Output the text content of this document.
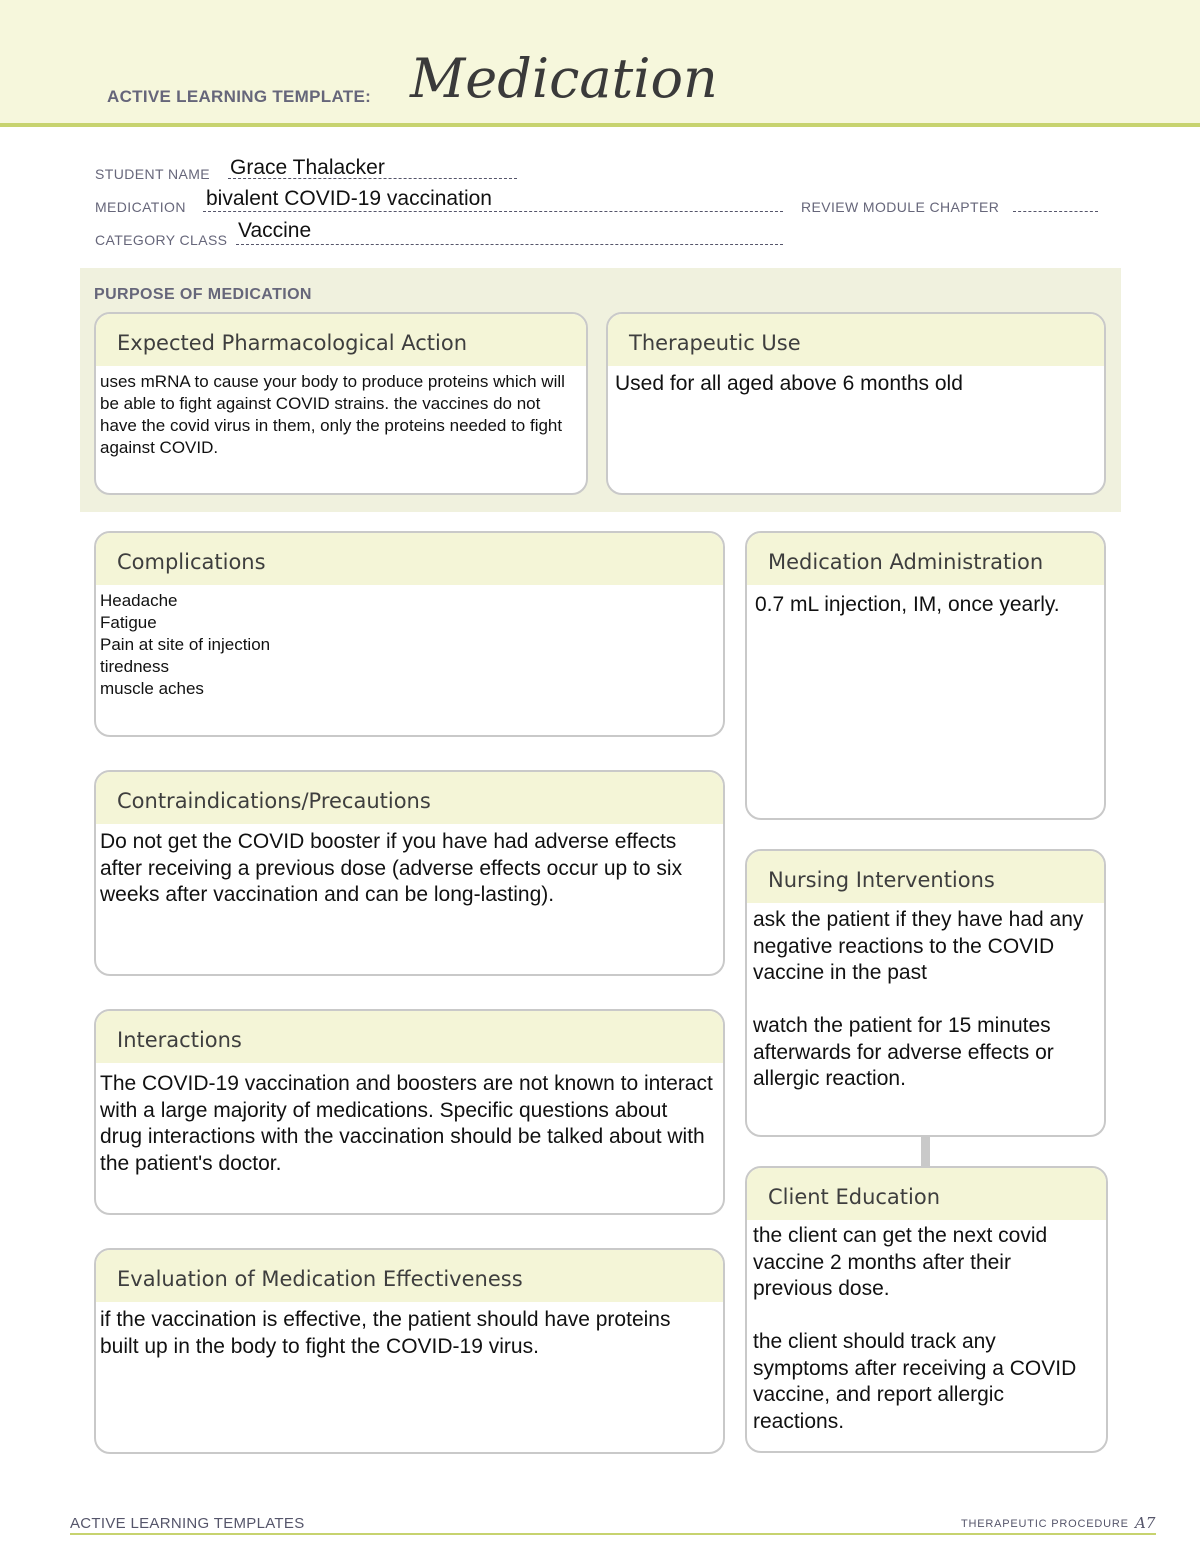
ACTIVE LEARNING TEMPLATE: Medication
STUDENT NAME Grace Thalacker
MEDICATION bivalent COVID-19 vaccination	REVIEW MODULE CHAPTER
CATEGORY CLASS Vaccine
PURPOSE OF MEDICATION
Expected Pharmacological Action
uses mRNA to cause your body to produce proteins which will be able to fight against COVID strains. the vaccines do not have the covid virus in them, only the proteins needed to fight against COVID.
Therapeutic Use
Used for all aged above 6 months old
Complications
Headache
Fatigue
Pain at site of injection
tiredness
muscle aches
Contraindications/Precautions
Do not get the COVID booster if you have had adverse effects after receiving a previous dose (adverse effects occur up to six weeks after vaccination and can be long-lasting).
Interactions
The COVID-19 vaccination and boosters are not known to interact with a large majority of medications. Specific questions about drug interactions with the vaccination should be talked about with the patient's doctor.
Evaluation of Medication Effectiveness
if the vaccination is effective, the patient should have proteins built up in the body to fight the COVID-19 virus.
Medication Administration
0.7 mL injection, IM, once yearly.
Nursing Interventions
ask the patient if they have had any negative reactions to the COVID vaccine in the past

watch the patient for 15 minutes afterwards for adverse effects or allergic reaction.
Client Education
the client can get the next covid vaccine 2 months after their previous dose.

the client should track any symptoms after receiving a COVID vaccine, and report allergic reactions.
ACTIVE LEARNING TEMPLATES	THERAPEUTIC PROCEDURE A7
